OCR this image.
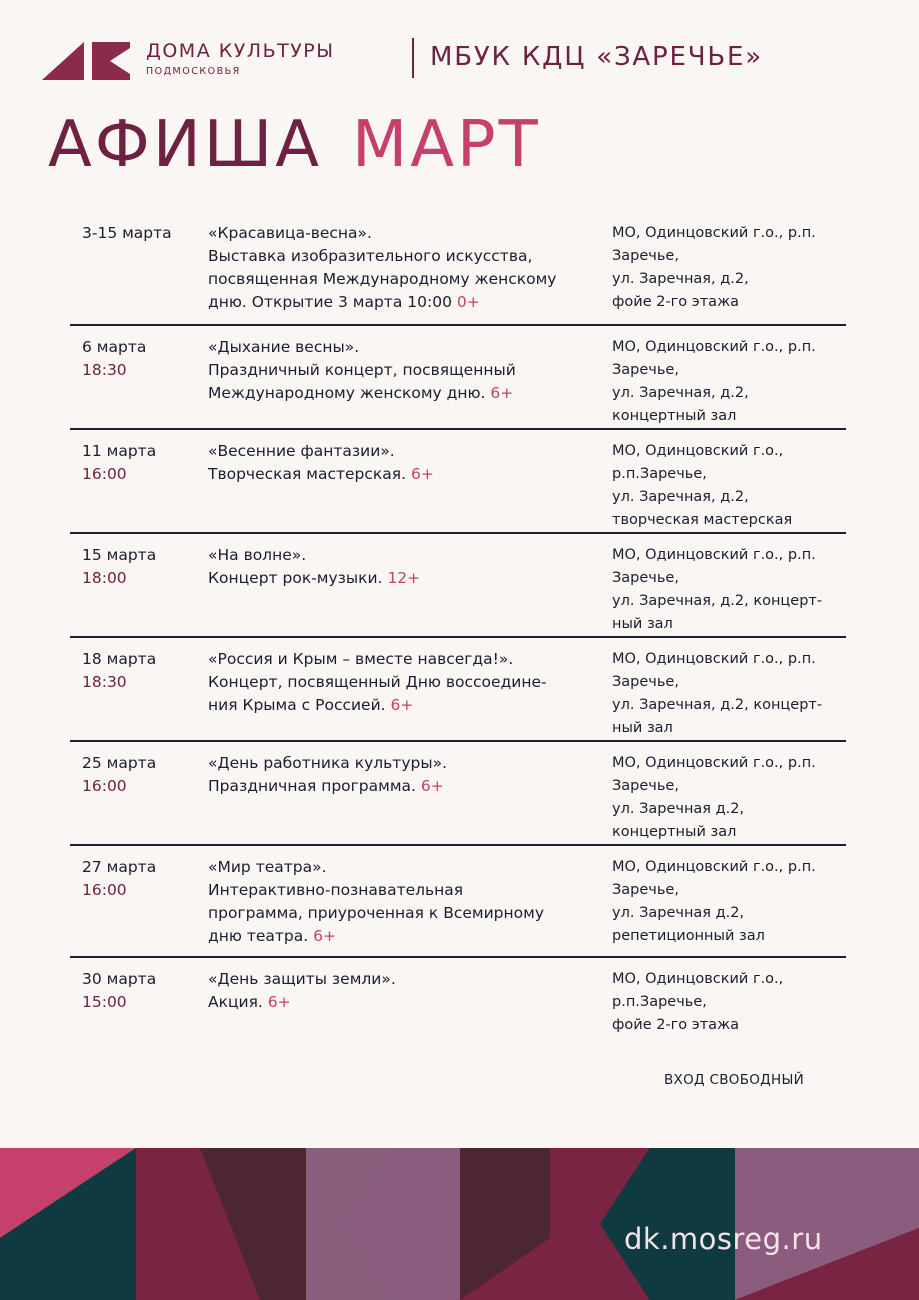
ДОМА КУЛЬТУРЫ
ПОДМОСКОВЬЯ	МБУК КДЦ «ЗАРЕЧЬЕ»
АФИША МАРТ
3-15 марта	«Красавица-весна».
Выставка изобразительного искусства,
посвященная Международному женскому
дню. Открытие 3 марта 10:00 0+
МО, Одинцовский г.о., р.п.
Заречье,
ул. Заречная, д.2,
фойе 2-го этажа
6 марта
18:30
«Дыхание весны».
Праздничный концерт, посвященный
Международному женскому дню. 6+
МО, Одинцовский г.о., р.п.
Заречье,
ул. Заречная, д.2,
концертный зал
11 марта
16:00
«Весенние фантазии».
Творческая мастерская. 6+
МО, Одинцовский г.о.,
р.п.Заречье,
ул. Заречная, д.2,
творческая мастерская
15 марта
18:00
«На волне».
Концерт рок-музыки. 12+
МО, Одинцовский г.о., р.п.
Заречье,
ул. Заречная, д.2, концерт-
ный зал
18 марта
18:30
«Россия и Крым – вместе навсегда!».
Концерт, посвященный Дню воссоедине-
ния Крыма с Россией. 6+
МО, Одинцовский г.о., р.п.
Заречье,
ул. Заречная, д.2, концерт-
ный зал
25 марта
16:00
«День работника культуры».
Праздничная программа. 6+
МО, Одинцовский г.о., р.п.
Заречье,
ул. Заречная д.2,
концертный зал
27 марта
16:00
«Мир театра».
Интерактивно-познавательная
программа, приуроченная к Всемирному
дню театра. 6+
МО, Одинцовский г.о., р.п.
Заречье,
ул. Заречная д.2,
репетиционный зал
30 марта
15:00
«День защиты земли».
Акция. 6+
МО, Одинцовский г.о.,
р.п.Заречье,
фойе 2-го этажа
ВХОД СВОБОДНЫЙ
dk.mosreg.ru
